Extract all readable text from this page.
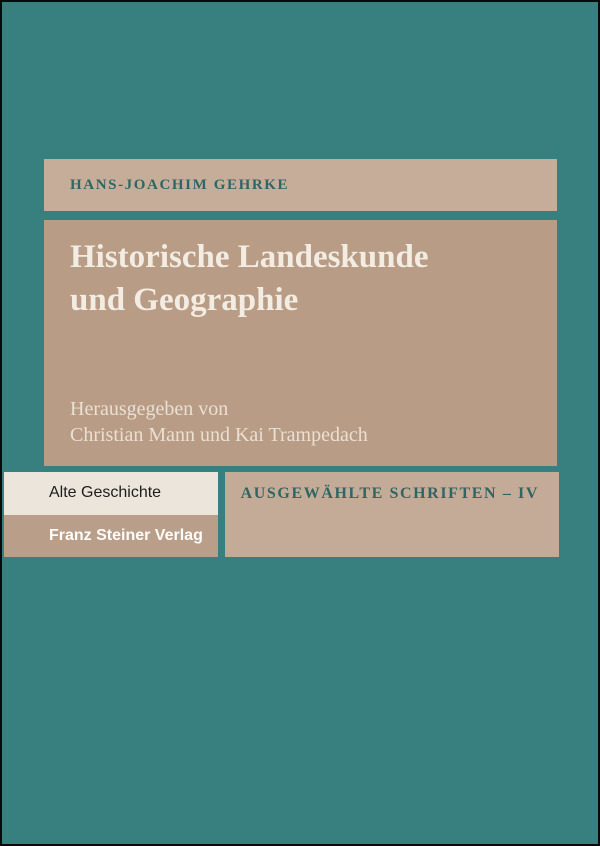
HANS-JOACHIM GEHRKE
Historische Landeskunde
und Geographie
Herausgegeben von
Christian Mann und Kai Trampedach
Alte Geschichte
Franz Steiner Verlag
AUSGEWÄHLTE SCHRIFTEN – IV
